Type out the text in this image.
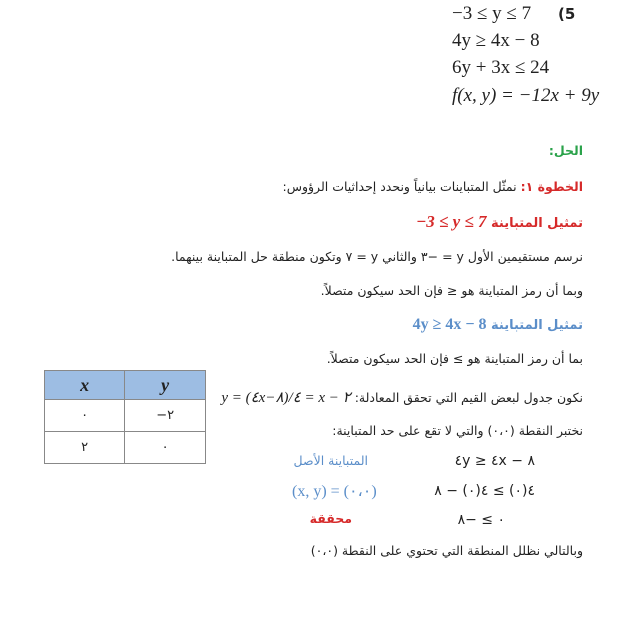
−3 ≤ y ≤ 7 (5
4y ≥ 4x − 8
6y + 3x ≤ 24
f(x, y) = −12x + 9y
الحل:
الخطوة ١: نمثّل المتباينات بيانياً ونحدد إحداثيات الرؤوس:
تمثيل المتباينة −3 ≤ y ≤ 7
نرسم مستقيمين الأول y = −٣ والثاني y = ٧ وتكون منطقة حل المتباينة بينهما.
وبما أن رمز المتباينة هو ≤ فإن الحد سيكون متصلاً.
تمثيل المتباينة 4y ≥ 4x − 8
بما أن رمز المتباينة هو ≥ فإن الحد سيكون متصلاً.
نكون جدول لبعض القيم التي تحقق المعادلة: y = (٤x−٨)/٤ = x − ٢
نختبر النقطة (٠،٠) والتي لا تقع على حد المتباينة:
٤y ≥ ٤x − ٨
المتباينة الأصل
٤(٠) ≥ ٤(٠) − ٨
(x, y) = (٠،٠)
٠ ≥ −٨
محققة
وبالتالي نظلل المنطقة التي تحتوي على النقطة (٠،٠)
x	y
٠	−٢
٢	٠
